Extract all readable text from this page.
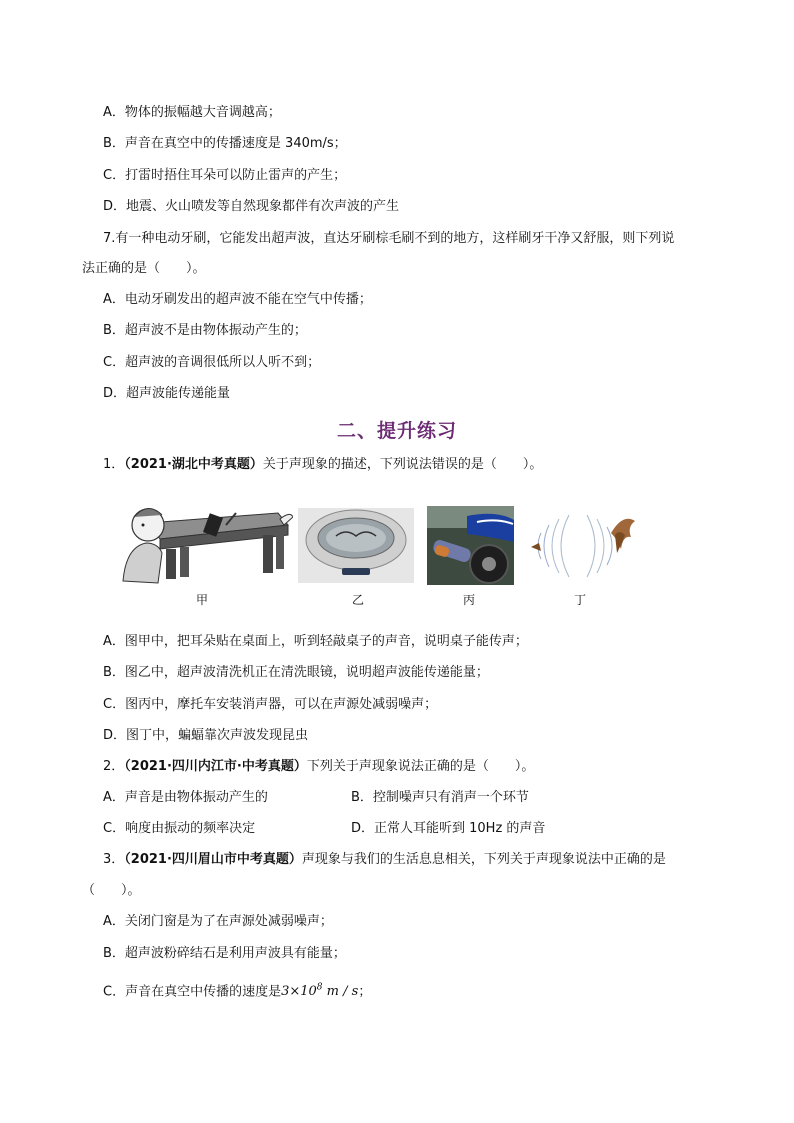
A．物体的振幅越大音调越高；
B．声音在真空中的传播速度是 340m/s；
C．打雷时捂住耳朵可以防止雷声的产生；
D．地震、火山喷发等自然现象都伴有次声波的产生
7.有一种电动牙刷，它能发出超声波，直达牙刷棕毛刷不到的地方，这样刷牙干净又舒服，则下列说
法正确的是（　　）。
A．电动牙刷发出的超声波不能在空气中传播；
B．超声波不是由物体振动产生的；
C．超声波的音调很低所以人听不到；
D．超声波能传递能量
二、提升练习
1．（2021·湖北中考真题）关于声现象的描述，下列说法错误的是（　　）。
甲	乙	丙	丁
A．图甲中，把耳朵贴在桌面上，听到轻敲桌子的声音，说明桌子能传声；
B．图乙中，超声波清洗机正在清洗眼镜，说明超声波能传递能量；
C．图丙中，摩托车安装消声器，可以在声源处减弱噪声；
D．图丁中，蝙蝠靠次声波发现昆虫
2．（2021·四川内江市·中考真题）下列关于声现象说法正确的是（　　）。
A．声音是由物体振动产生的	B．控制噪声只有消声一个环节
C．响度由振动的频率决定	D．正常人耳能听到 10Hz 的声音
3．（2021·四川眉山市中考真题）声现象与我们的生活息息相关，下列关于声现象说法中正确的是
（　　）。
A．关闭门窗是为了在声源处减弱噪声；
B．超声波粉碎结石是利用声波具有能量；
C．声音在真空中传播的速度是$3\times 10^8$ m / s；
